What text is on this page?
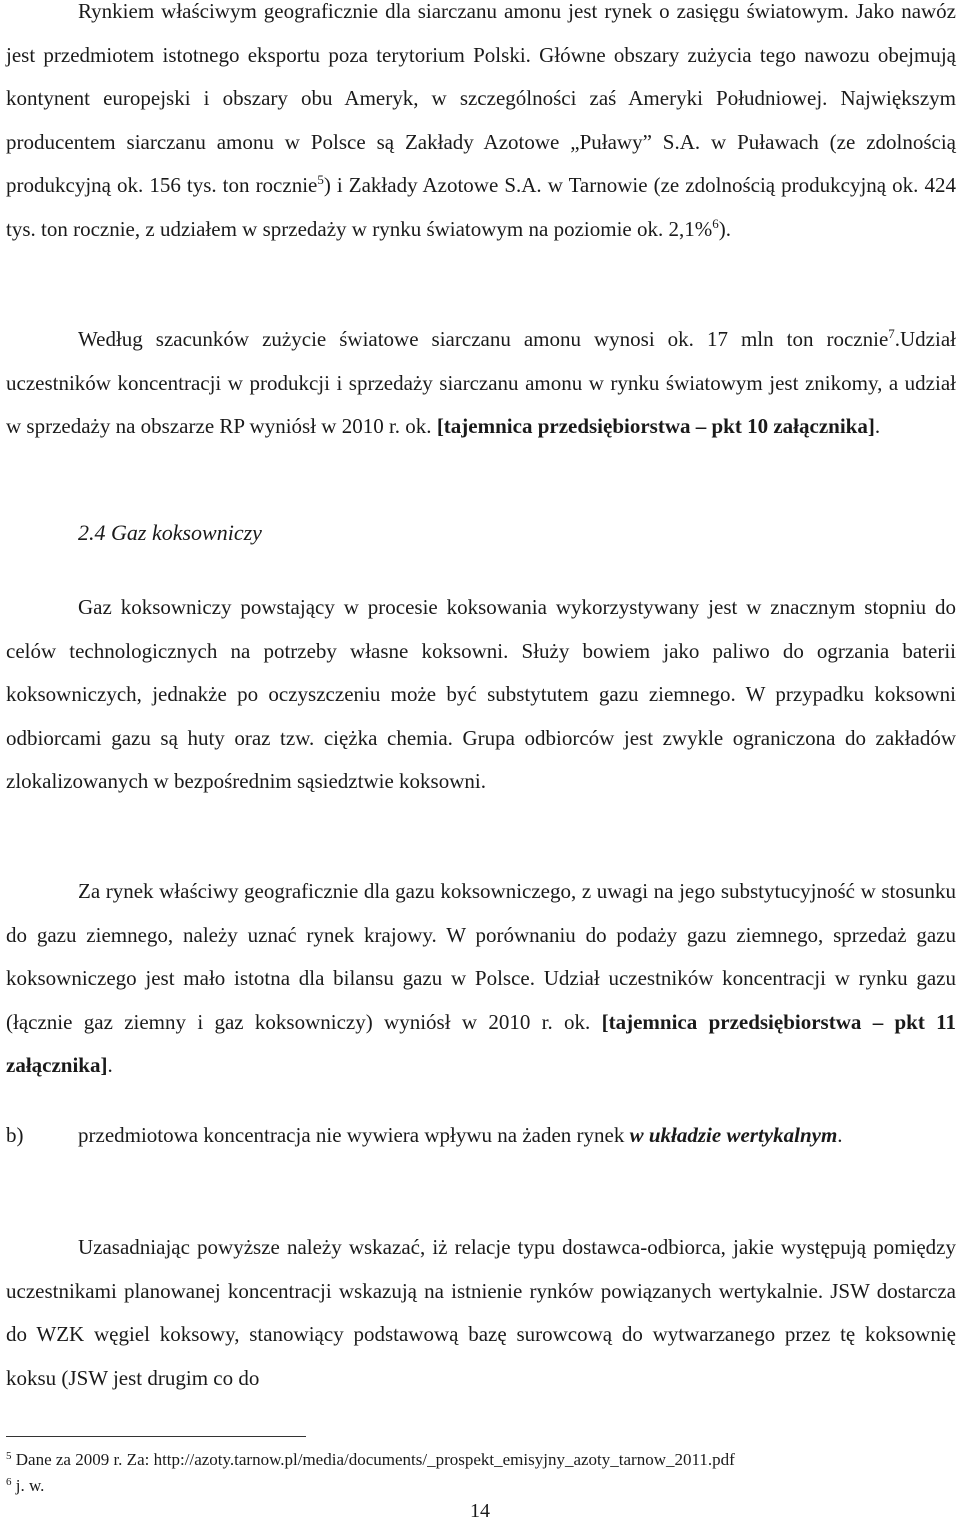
Rynkiem właściwym geograficznie dla siarczanu amonu jest rynek o zasięgu światowym. Jako nawóz jest przedmiotem istotnego eksportu poza terytorium Polski. Główne obszary zużycia tego nawozu obejmują kontynent europejski i obszary obu Ameryk, w szczególności zaś Ameryki Południowej. Największym producentem siarczanu amonu w Polsce są Zakłady Azotowe „Puławy” S.A. w Puławach (ze zdolnością produkcyjną ok. 156 tys. ton rocznie$^5$) i Zakłady Azotowe S.A. w Tarnowie (ze zdolnością produkcyjną ok. 424 tys. ton rocznie, z udziałem w sprzedaży w rynku światowym na poziomie ok. 2,1%$^6$).

Według szacunków zużycie światowe siarczanu amonu wynosi ok. 17 mln ton rocznie$^7$.Udział uczestników koncentracji w produkcji i sprzedaży siarczanu amonu w rynku światowym jest znikomy, a udział w sprzedaży na obszarze RP wyniósł w 2010 r. ok. [tajemnica przedsiębiorstwa – pkt 10 załącznika].

2.4 Gaz koksowniczy

Gaz koksowniczy powstający w procesie koksowania wykorzystywany jest w znacznym stopniu do celów technologicznych na potrzeby własne koksowni. Służy bowiem jako paliwo do ogrzania baterii koksowniczych, jednakże po oczyszczeniu może być substytutem gazu ziemnego. W przypadku koksowni odbiorcami gazu są huty oraz tzw. ciężka chemia. Grupa odbiorców jest zwykle ograniczona do zakładów zlokalizowanych w bezpośrednim sąsiedztwie koksowni.

Za rynek właściwy geograficznie dla gazu koksowniczego, z uwagi na jego substytucyjność w stosunku do gazu ziemnego, należy uznać rynek krajowy. W porównaniu do podaży gazu ziemnego, sprzedaż gazu koksowniczego jest mało istotna dla bilansu gazu w Polsce. Udział uczestników koncentracji w rynku gazu (łącznie gaz ziemny i gaz koksowniczy) wyniósł w 2010 r. ok. [tajemnica przedsiębiorstwa – pkt 11 załącznika].

b)	przedmiotowa koncentracja nie wywiera wpływu na żaden rynek w układzie wertykalnym.

Uzasadniając powyższe należy wskazać, iż relacje typu dostawca-odbiorca, jakie występują pomiędzy uczestnikami planowanej koncentracji wskazują na istnienie rynków powiązanych wertykalnie. JSW dostarcza do WZK węgiel koksowy, stanowiący podstawową bazę surowcową do wytwarzanego przez tę koksownię koksu (JSW jest drugim co do

$^5$ Dane za 2009 r. Za: http://azoty.tarnow.pl/media/documents/_prospekt_emisyjny_azoty_tarnow_2011.pdf

$^6$ j. w.

14
